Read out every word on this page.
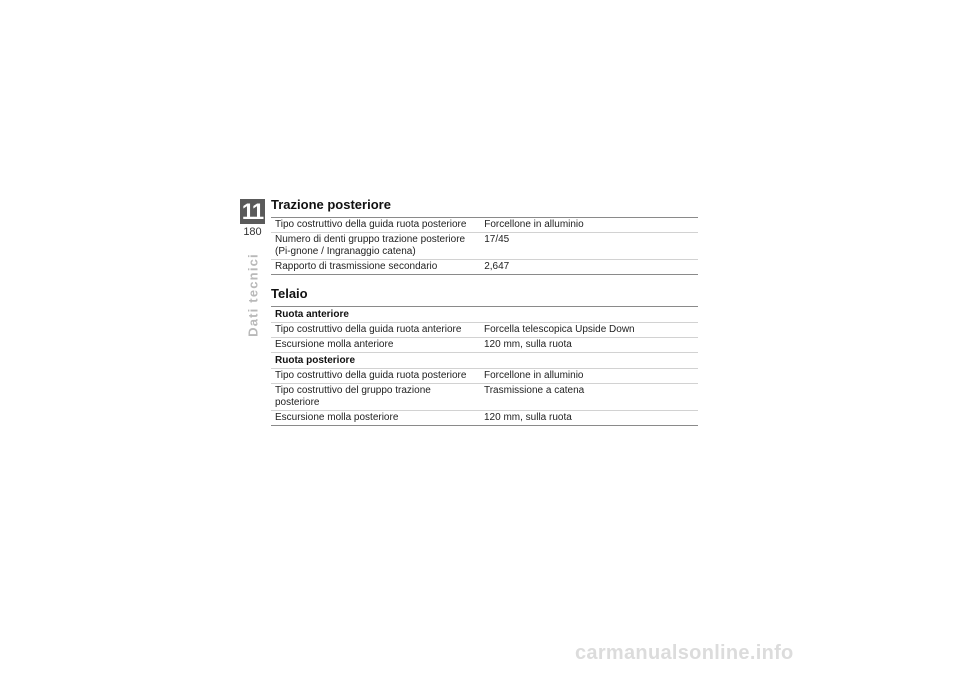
11
180
Dati tecnici
Trazione posteriore
Tipo costruttivo della guida ruota posteriore	Forcellone in alluminio
Numero di denti gruppo trazione posteriore (Pi-gnone / Ingranaggio catena)	17/45
Rapporto di trasmissione secondario	2,647
Telaio
Ruota anteriore	
Tipo costruttivo della guida ruota anteriore	Forcella telescopica Upside Down
Escursione molla anteriore	120 mm, sulla ruota
Ruota posteriore	
Tipo costruttivo della guida ruota posteriore	Forcellone in alluminio
Tipo costruttivo del gruppo trazione posteriore	Trasmissione a catena
Escursione molla posteriore	120 mm, sulla ruota
carmanualsonline.info
